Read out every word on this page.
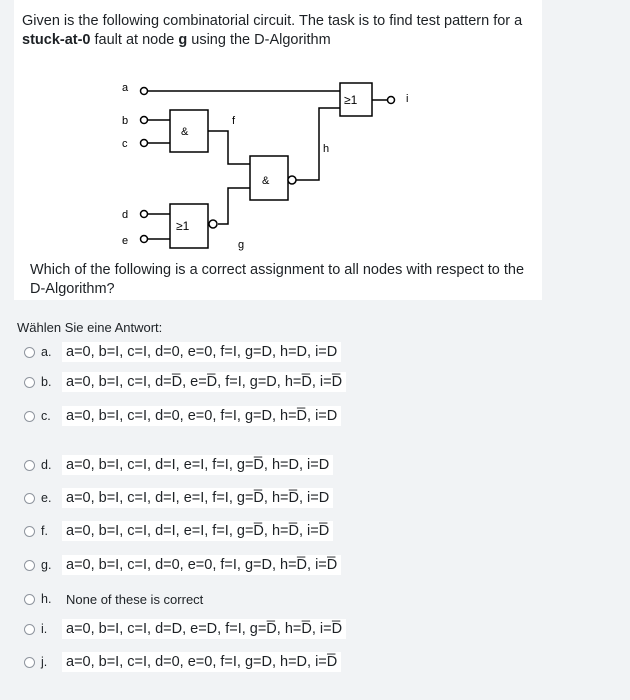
Given is the following combinatorial circuit. The task is to find test pattern for a
stuck-at-0 fault at node g using the D-Algorithm
a
b
c
d
e
&
≥1
&
≥1
f
g
h
i
Which of the following is a correct assignment to all nodes with respect to the D-Algorithm?
Wählen Sie eine Antwort:
a. a=0, b=I, c=I, d=0, e=0, f=I, g=D, h=D, i=D
b. a=0, b=I, c=I, d=D̅, e=D̅, f=I, g=D, h=D̅, i=D̅
c. a=0, b=I, c=I, d=0, e=0, f=I, g=D, h=D̅, i=D
d. a=0, b=I, c=I, d=I, e=I, f=I, g=D̅, h=D, i=D
e. a=0, b=I, c=I, d=I, e=I, f=I, g=D̅, h=D̅, i=D
f. a=0, b=I, c=I, d=I, e=I, f=I, g=D̅, h=D̅, i=D̅
g. a=0, b=I, c=I, d=0, e=0, f=I, g=D, h=D̅, i=D̅
h.	None of these is correct
i. a=0, b=I, c=I, d=D, e=D, f=I, g=D̅, h=D̅, i=D̅
j. a=0, b=I, c=I, d=0, e=0, f=I, g=D, h=D, i=D̅
